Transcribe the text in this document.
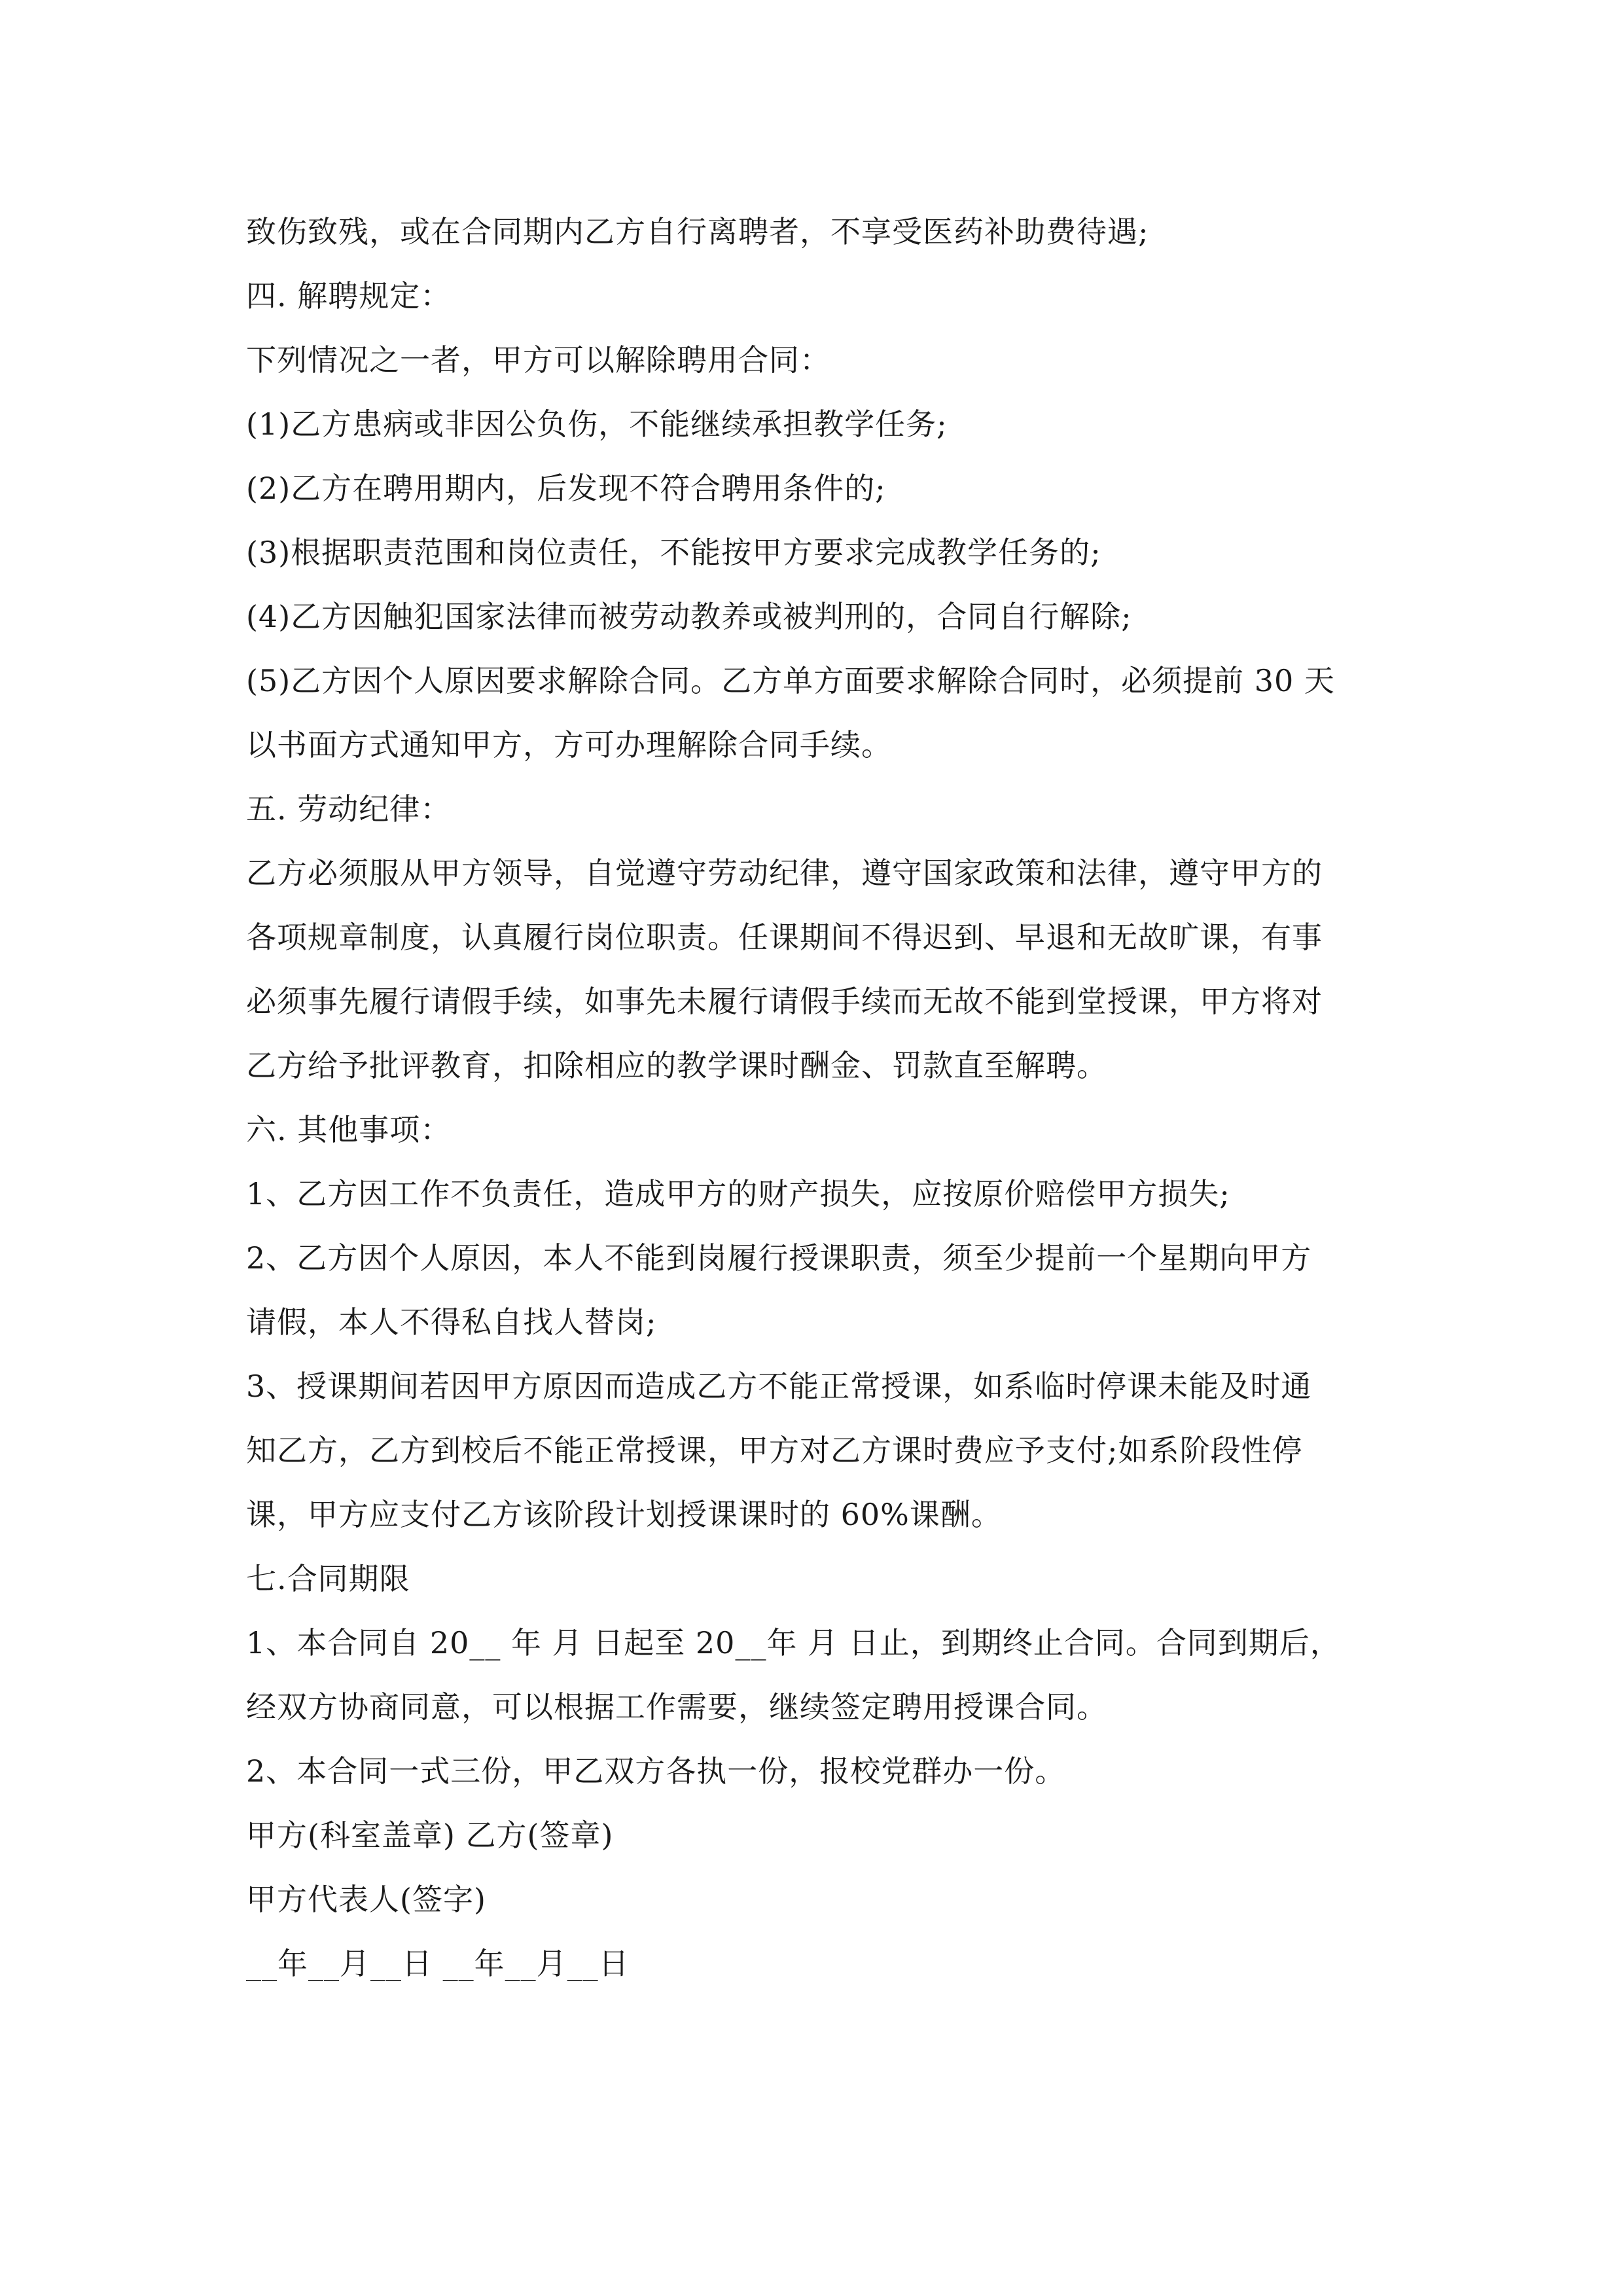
致伤致残，或在合同期内乙方自行离聘者，不享受医药补助费待遇;
四. 解聘规定：
下列情况之一者，甲方可以解除聘用合同：
(1)乙方患病或非因公负伤，不能继续承担教学任务;
(2)乙方在聘用期内，后发现不符合聘用条件的;
(3)根据职责范围和岗位责任，不能按甲方要求完成教学任务的;
(4)乙方因触犯国家法律而被劳动教养或被判刑的，合同自行解除;
(5)乙方因个人原因要求解除合同。乙方单方面要求解除合同时，必须提前 30 天
以书面方式通知甲方，方可办理解除合同手续。
五. 劳动纪律：
乙方必须服从甲方领导，自觉遵守劳动纪律，遵守国家政策和法律，遵守甲方的
各项规章制度，认真履行岗位职责。任课期间不得迟到、早退和无故旷课，有事
必须事先履行请假手续，如事先未履行请假手续而无故不能到堂授课，甲方将对
乙方给予批评教育，扣除相应的教学课时酬金、罚款直至解聘。
六. 其他事项：
1、乙方因工作不负责任，造成甲方的财产损失，应按原价赔偿甲方损失;
2、乙方因个人原因，本人不能到岗履行授课职责，须至少提前一个星期向甲方
请假，本人不得私自找人替岗;
3、授课期间若因甲方原因而造成乙方不能正常授课，如系临时停课未能及时通
知乙方，乙方到校后不能正常授课，甲方对乙方课时费应予支付;如系阶段性停
课，甲方应支付乙方该阶段计划授课课时的 60%课酬。
七.合同期限
1、本合同自 20__ 年 月 日起至 20__年 月 日止，到期终止合同。合同到期后，
经双方协商同意，可以根据工作需要，继续签定聘用授课合同。
2、本合同一式三份，甲乙双方各执一份，报校党群办一份。
甲方(科室盖章) 乙方(签章)
甲方代表人(签字)
__年__月__日 __年__月__日
